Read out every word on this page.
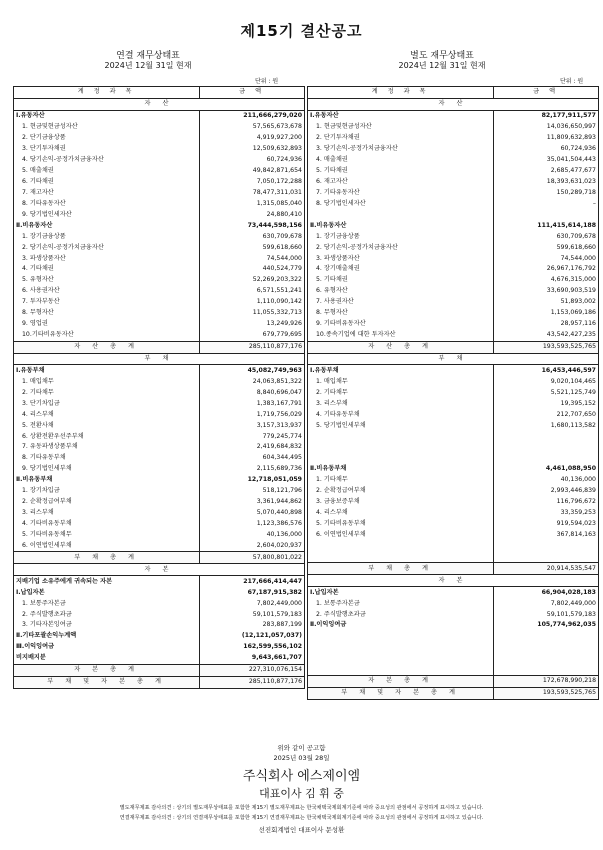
제15기 결산공고
연결 재무상태표
2024년 12월 31일 현재
별도 재무상태표
2024년 12월 31일 현재
단위 : 원	단위 : 원
계 정 과 목	금 액
자 산	
Ⅰ.유동자산	211,666,279,020
1. 현금및현금성자산	57,565,673,678
2. 단기금융상품	4,919,927,200
3. 단기투자채권	12,509,632,893
4. 당기손익-공정가치금융자산	60,724,936
5. 매출채권	49,842,871,654
6. 기타채권	7,050,172,288
7. 재고자산	78,477,311,031
8. 기타유동자산	1,315,085,040
9. 당기법인세자산	24,880,410
Ⅱ.비유동자산	73,444,598,156
1. 장기금융상품	630,709,678
2. 당기손익-공정가치금융자산	599,618,660
3. 파생상품자산	74,544,000
4. 기타채권	440,524,779
5. 유형자산	52,269,203,322
6. 사용권자산	6,571,551,241
7. 투자부동산	1,110,090,142
8. 무형자산	11,055,332,713
9. 영업권	13,249,926
10.기타비유동자산	679,779,695
자 산 총 계	285,110,877,176
부 채	
Ⅰ.유동부채	45,082,749,963
1. 매입채무	24,063,851,322
2. 기타채무	8,840,696,047
3. 단기차입금	1,383,167,791
4. 리스부채	1,719,756,029
5. 전환사채	3,157,313,937
6. 상환전환우선주부채	779,245,774
7. 유동파생상품부채	2,419,684,832
8. 기타유동부채	604,344,495
9. 당기법인세부채	2,115,689,736
Ⅱ.비유동부채	12,718,051,059
1. 장기차입금	518,121,796
2. 순확정급여부채	3,361,944,862
3. 리스부채	5,070,440,898
4. 기타비유동부채	1,123,386,576
5. 기타비유동채무	40,136,000
6. 이연법인세부채	2,604,020,937
부 채 총 계	57,800,801,022
자 본	
지배기업 소유주에게 귀속되는 자본	217,666,414,447
Ⅰ.납입자본	67,187,915,382
1. 보통주자본금	7,802,449,000
2. 주식발행초과금	59,101,579,183
3. 기타자본잉여금	283,887,199
Ⅱ.기타포괄손익누계액	(12,121,057,037)
Ⅲ.이익잉여금	162,599,556,102
비지배지분	9,643,661,707
자 본 총 계	227,310,076,154
부 채 및 자 본 총 계	285,110,877,176
계 정 과 목	금 액
자 산	
Ⅰ.유동자산	82,177,911,577
1. 현금및현금성자산	14,036,650,997
2. 단기투자채권	11,809,632,893
3. 당기손익-공정가치금융자산	60,724,936
4. 매출채권	35,041,504,443
5. 기타채권	2,685,477,677
6. 재고자산	18,393,631,023
7. 기타유동자산	150,289,718
8. 당기법인세자산	–

Ⅱ.비유동자산	111,415,614,188
1. 장기금융상품	630,709,678
2. 당기손익-공정가치금융자산	599,618,660
3. 파생상품자산	74,544,000
4. 장기매출채권	26,967,176,792
5. 기타채권	4,676,315,000
6. 유형자산	33,690,903,519
7. 사용권자산	51,893,002
8. 무형자산	1,153,069,186
9. 기타비유동자산	28,957,116
10.종속기업에 대한 투자자산	43,542,427,235
자 산 총 계	193,593,525,765
부 채	
Ⅰ.유동부채	16,453,446,597
1. 매입채무	9,020,104,465
2. 기타채무	5,521,125,749
3. 리스부채	19,395,152
4. 기타유동부채	212,707,650
5. 당기법인세부채	1,680,113,582

Ⅱ.비유동부채	4,461,088,950
1. 기타채무	40,136,000
2. 순확정급여부채	2,993,446,839
3. 금융보증부채	116,796,672
4. 리스부채	33,359,253
5. 기타비유동부채	919,594,023
6. 이연법인세부채	367,814,163

부 채 총 계	20,914,535,547
자 본	
Ⅰ.납입자본	66,904,028,183
1. 보통주자본금	7,802,449,000
2. 주식발행초과금	59,101,579,183
Ⅱ.이익잉여금	105,774,962,035

자 본 총 계	172,678,990,218
부 채 및 자 본 총 계	193,593,525,765
위와 같이 공고함
2025년 03월 28일
주식회사 에스제이엠
대표이사 김 휘 중
별도재무제표 감사의견 : 상기의 별도재무상태표를 포함한 제15기 별도재무제표는 한국채택국제회계기준에 따라 중요성의 관점에서 공정하게 표시하고 있습니다.
연결재무제표 감사의견 : 상기의 연결재무상태표를 포함한 제15기 연결재무제표는 한국채택국제회계기준에 따라 중요성의 관점에서 공정하게 표시하고 있습니다.
선진회계법인 대표이사 문성환
